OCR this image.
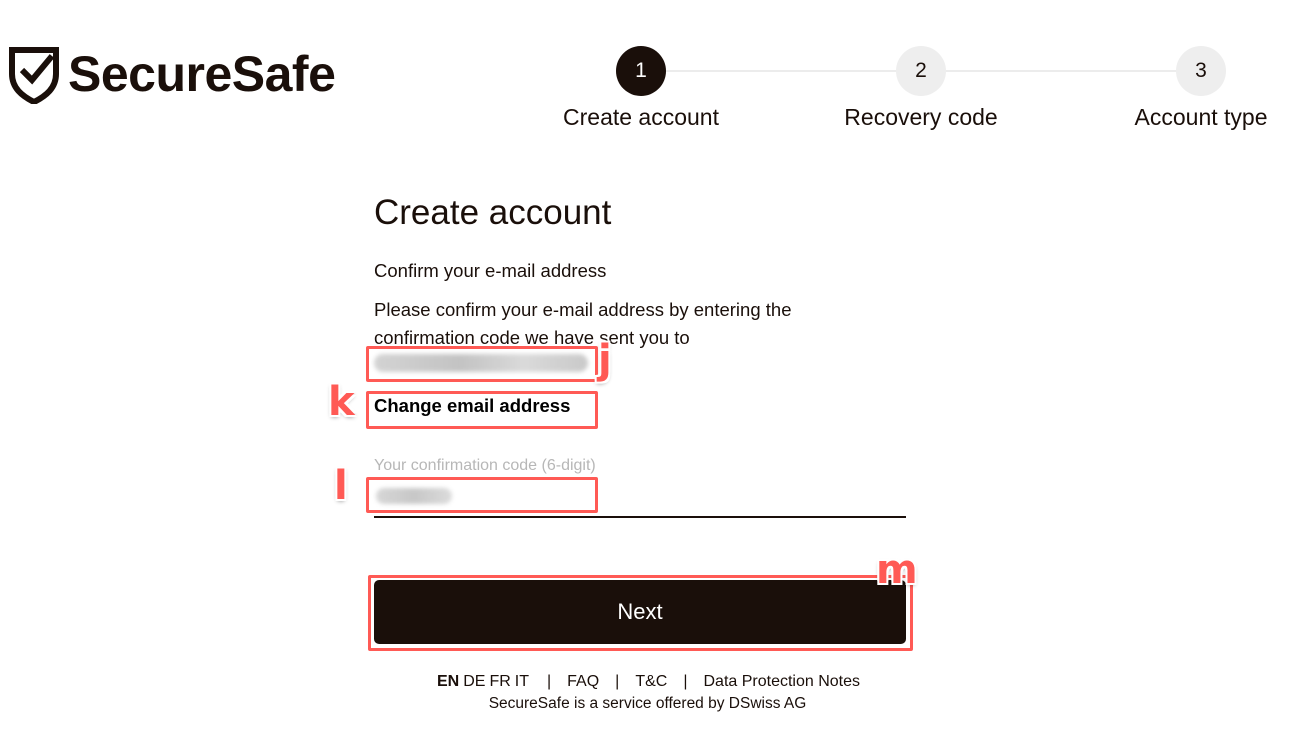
SecureSafe	1
Create account
2
Recovery code
3
Account type
Create account
Confirm your e-mail address
Please confirm your e-mail address by entering the confirmation code we have sent you to
j
Change email address
k
Your confirmation code (6-digit)
l
Next
m
EN DE FR IT | FAQ | T&C | Data Protection Notes
SecureSafe is a service offered by DSwiss AG
